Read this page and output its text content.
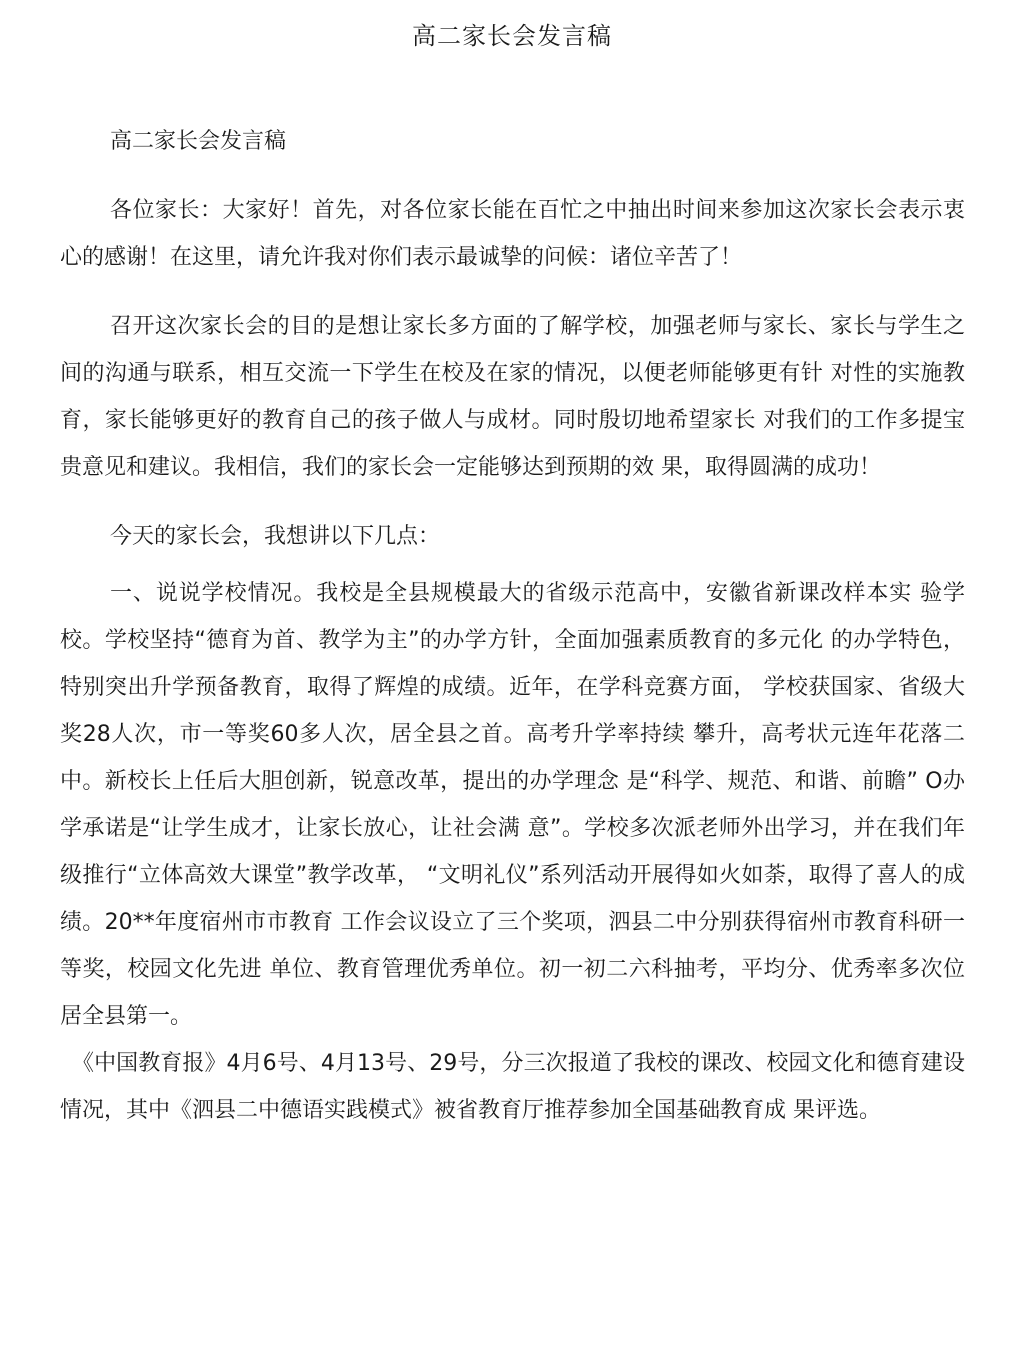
高二家长会发言稿

高二家长会发言稿

各位家长：大家好！首先，对各位家长能在百忙之中抽出时间来参加这次家长会表示衷心的感谢！在这里，请允许我对你们表示最诚挚的问候：诸位辛苦了！

召开这次家长会的目的是想让家长多方面的了解学校，加强老师与家长、家长与学生之间的沟通与联系，相互交流一下学生在校及在家的情况，以便老师能够更有针 对性的实施教育，家长能够更好的教育自己的孩子做人与成材。同时殷切地希望家长 对我们的工作多提宝贵意见和建议。我相信，我们的家长会一定能够达到预期的效 果，取得圆满的成功！

今天的家长会，我想讲以下几点：

一、说说学校情况。我校是全县规模最大的省级示范高中，安徽省新课改样本实 验学校。学校坚持“德育为首、教学为主”的办学方针，全面加强素质教育的多元化 的办学特色，特别突出升学预备教育，取得了辉煌的成绩。近年，在学科竞赛方面， 学校获国家、省级大奖28人次，市一等奖60多人次，居全县之首。高考升学率持续 攀升，高考状元连年花落二中。新校长上任后大胆创新，锐意改革，提出的办学理念 是“科学、规范、和谐、前瞻” O办学承诺是“让学生成才，让家长放心，让社会满 意”。学校多次派老师外出学习，并在我们年级推行“立体高效大课堂”教学改革， “文明礼仪”系列活动开展得如火如荼，取得了喜人的成绩。20**年度宿州市市教育 工作会议设立了三个奖项，泗县二中分别获得宿州市教育科研一等奖，校园文化先进 单位、教育管理优秀单位。初一初二六科抽考，平均分、优秀率多次位居全县第一。

《中国教育报》4月6号、4月13号、29号，分三次报道了我校的课改、校园文化和德育建设情况，其中《泗县二中德语实践模式》被省教育厅推荐参加全国基础教育成 果评选。
